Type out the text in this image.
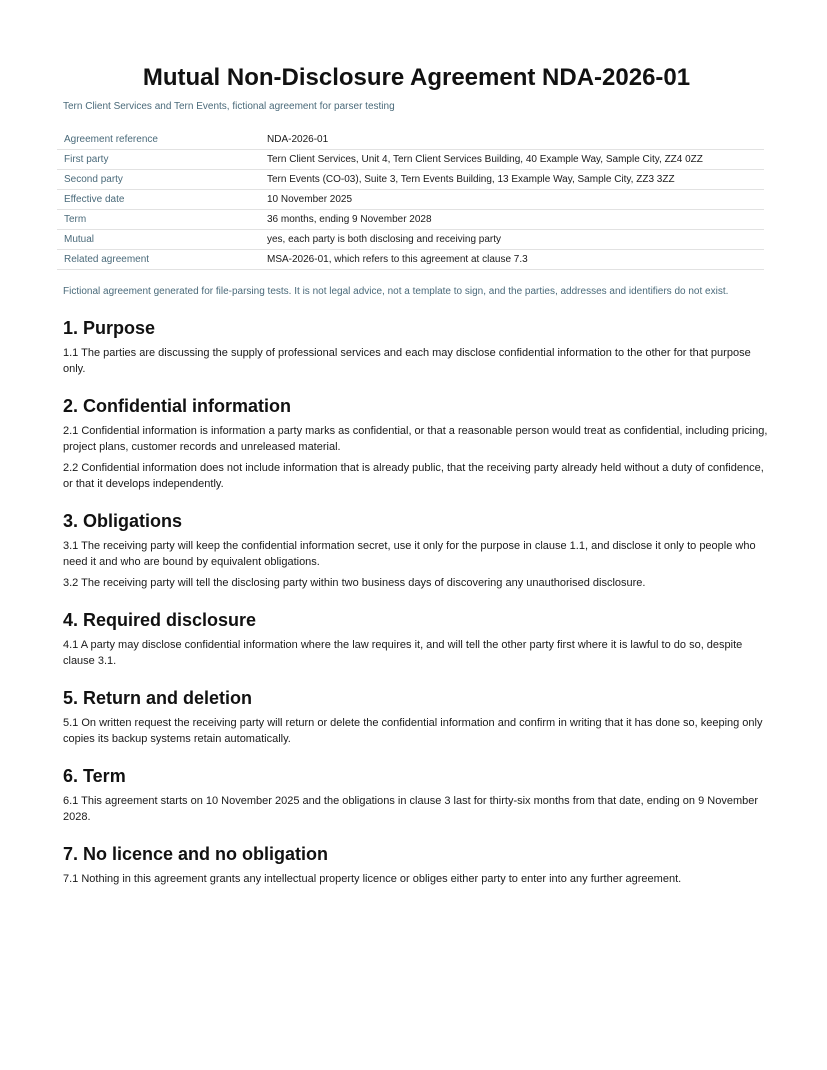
Mutual Non-Disclosure Agreement NDA-2026-01

Tern Client Services and Tern Events, fictional agreement for parser testing

Agreement reference	NDA-2026-01
First party	Tern Client Services, Unit 4, Tern Client Services Building, 40 Example Way, Sample City, ZZ4 0ZZ
Second party	Tern Events (CO-03), Suite 3, Tern Events Building, 13 Example Way, Sample City, ZZ3 3ZZ
Effective date	10 November 2025
Term	36 months, ending 9 November 2028
Mutual	yes, each party is both disclosing and receiving party
Related agreement	MSA-2026-01, which refers to this agreement at clause 7.3

Fictional agreement generated for file-parsing tests. It is not legal advice, not a template to sign, and the parties, addresses and identifiers do not exist.

1. Purpose

1.1 The parties are discussing the supply of professional services and each may disclose confidential information to the other for that purpose only.

2. Confidential information

2.1 Confidential information is information a party marks as confidential, or that a reasonable person would treat as confidential, including pricing, project plans, customer records and unreleased material.

2.2 Confidential information does not include information that is already public, that the receiving party already held without a duty of confidence, or that it develops independently.

3. Obligations

3.1 The receiving party will keep the confidential information secret, use it only for the purpose in clause 1.1, and disclose it only to people who need it and who are bound by equivalent obligations.

3.2 The receiving party will tell the disclosing party within two business days of discovering any unauthorised disclosure.

4. Required disclosure

4.1 A party may disclose confidential information where the law requires it, and will tell the other party first where it is lawful to do so, despite clause 3.1.

5. Return and deletion

5.1 On written request the receiving party will return or delete the confidential information and confirm in writing that it has done so, keeping only copies its backup systems retain automatically.

6. Term

6.1 This agreement starts on 10 November 2025 and the obligations in clause 3 last for thirty-six months from that date, ending on 9 November 2028.

7. No licence and no obligation

7.1 Nothing in this agreement grants any intellectual property licence or obliges either party to enter into any further agreement.
